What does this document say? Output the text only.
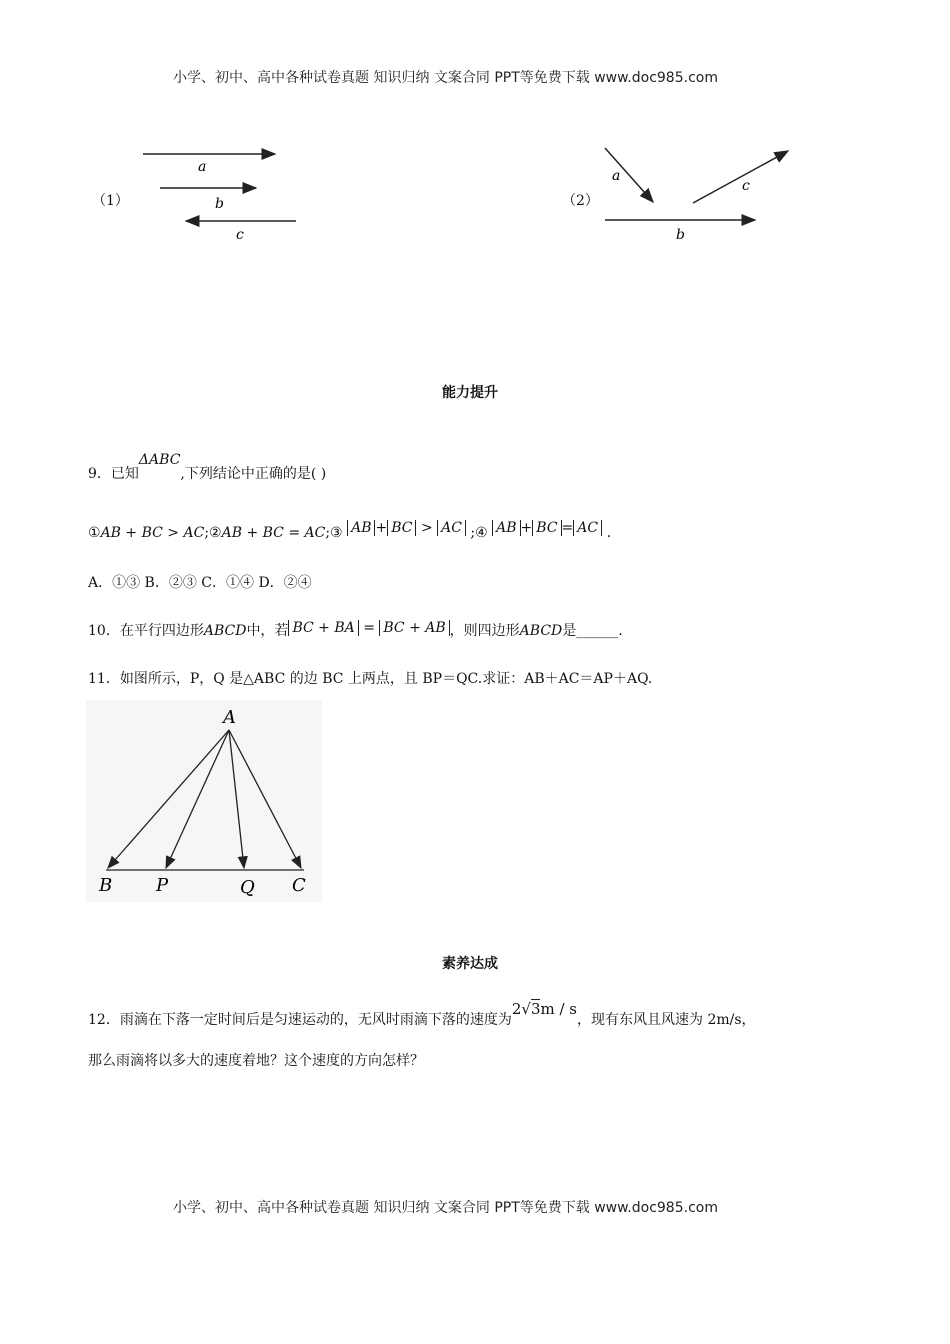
小学、初中、高中各种试卷真题 知识归纳 文案合同 PPT等免费下载 www.doc985.com
（1）
a
b
c
（2）
a
c
b
能力提升
9．已知ΔABC,下列结论中正确的是( )
①AB + BC > AC;②AB + BC = AC;③ AB + BC > AC ;④ AB + BC = AC .
A．①③ B．②③ C．①④ D．②④
10．在平行四边形ABCD中，若 BC + BA = BC + AB ，则四边形ABCD是______.
11．如图所示，P，Q 是△ABC 的边 BC 上两点，且 BP＝QC.求证：AB＋AC＝AP＋AQ.
A
B P	Q C
素养达成
12．雨滴在下落一定时间后是匀速运动的，无风时雨滴下落的速度为2√3m / s，现有东风且风速为 2m/s，
那么雨滴将以多大的速度着地？这个速度的方向怎样？
小学、初中、高中各种试卷真题 知识归纳 文案合同 PPT等免费下载 www.doc985.com
